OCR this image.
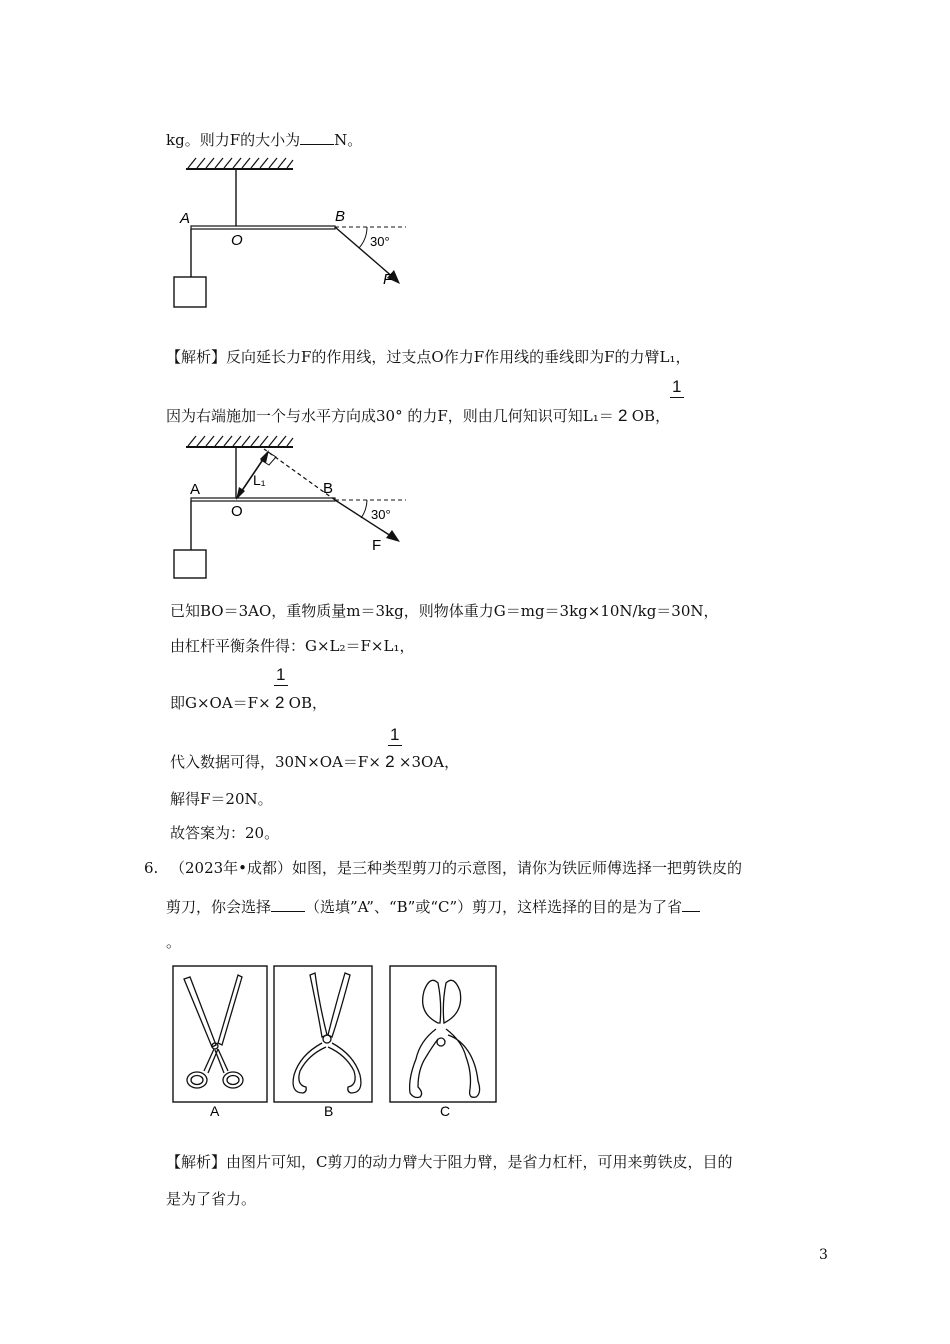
kg。则力F的大小为 N。
A
O
B
30°
F
【解析】反向延长力F的作用线，过支点O作力F作用线的垂线即为F的力臂L₁，
1
因为右端施加一个与水平方向成30° 的力F，则由几何知识可知L₁＝ 2 OB，
A
O
B
L₁
30°
F
已知BO＝3AO，重物质量m＝3kg，则物体重力G＝mg＝3kg×10N/kg＝30N，
由杠杆平衡条件得：G×L₂＝F×L₁，
1
即G×OA＝F× 2 OB，
1
代入数据可得，30N×OA＝F× 2 ×3OA，
解得F＝20N。
故答案为：20。
6. （2023年•成都）如图，是三种类型剪刀的示意图，请你为铁匠师傅选择一把剪铁皮的
剪刀，你会选择 （选填”A”、“B”或“C”）剪刀，这样选择的目的是为了省
。
A	B	C
【解析】由图片可知，C剪刀的动力臂大于阻力臂，是省力杠杆，可用来剪铁皮，目的
是为了省力。
3
